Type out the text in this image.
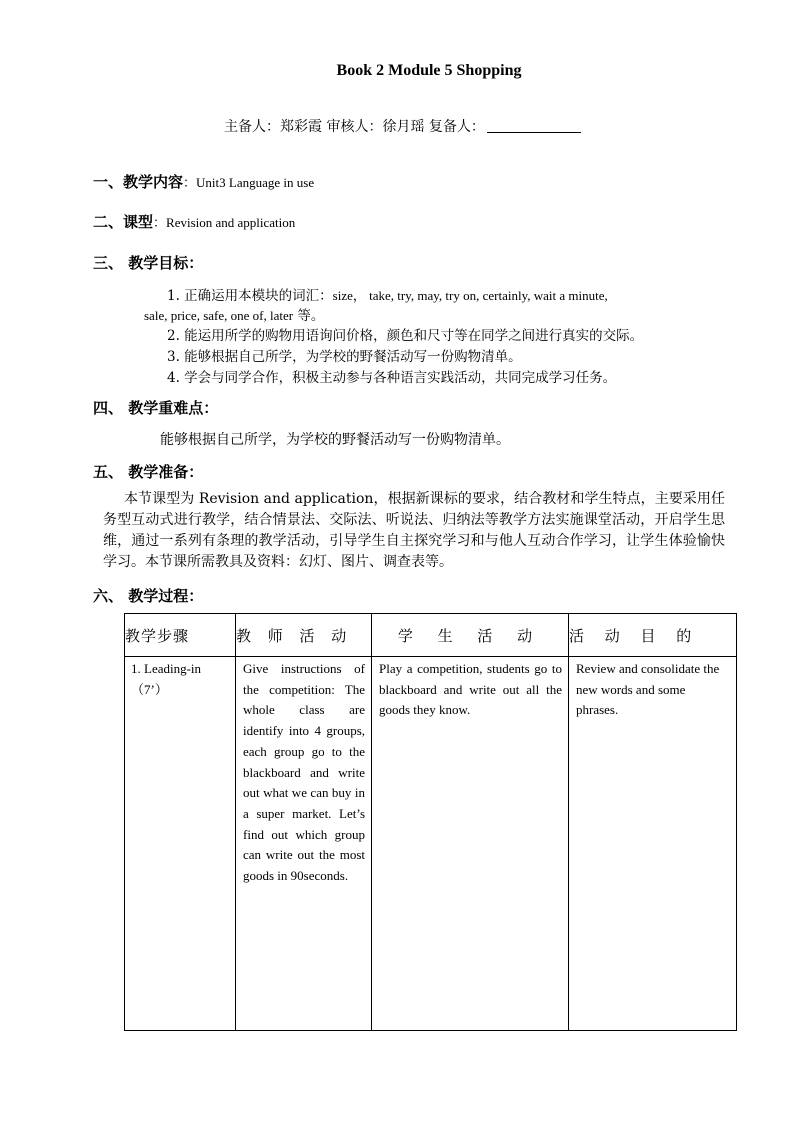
Book 2 Module 5 Shopping
主备人：郑彩霞 审核人：徐月瑶 复备人：
一、教学内容：Unit3 Language in use
二、课型：Revision and application
三、 教学目标：
1. 正确运用本模块的词汇：size， take, try, may, try on, certainly, wait a minute,
sale, price, safe, one of, later 等。
2. 能运用所学的购物用语询问价格，颜色和尺寸等在同学之间进行真实的交际。
3. 能够根据自己所学，为学校的野餐活动写一份购物清单。
4. 学会与同学合作，积极主动参与各种语言实践活动，共同完成学习任务。
四、 教学重难点：
能够根据自己所学，为学校的野餐活动写一份购物清单。
五、 教学准备：
本节课型为 Revision and application，根据新课标的要求，结合教材和学生特点，主要采用任务型互动式进行教学，结合情景法、交际法、听说法、归纳法等教学方法实施课堂活动，开启学生思维，通过一系列有条理的教学活动，引导学生自主探究学习和与他人互动合作学习，让学生体验愉快学习。本节课所需教具及资料：幻灯、图片、调查表等。
六、 教学过程：
教学步骤	教 师 活 动	学 生 活 动	活 动 目 的

1. Leading-in（7’）	Give instructions of the competition: The whole class are identify into 4 groups, each group go to the blackboard and write out what we can buy in a super market. Let’s find out which group can write out the most goods in 90seconds.	Play a competition, students go to blackboard and write out all the goods they know.	Review and consolidate the new words and some phrases.
